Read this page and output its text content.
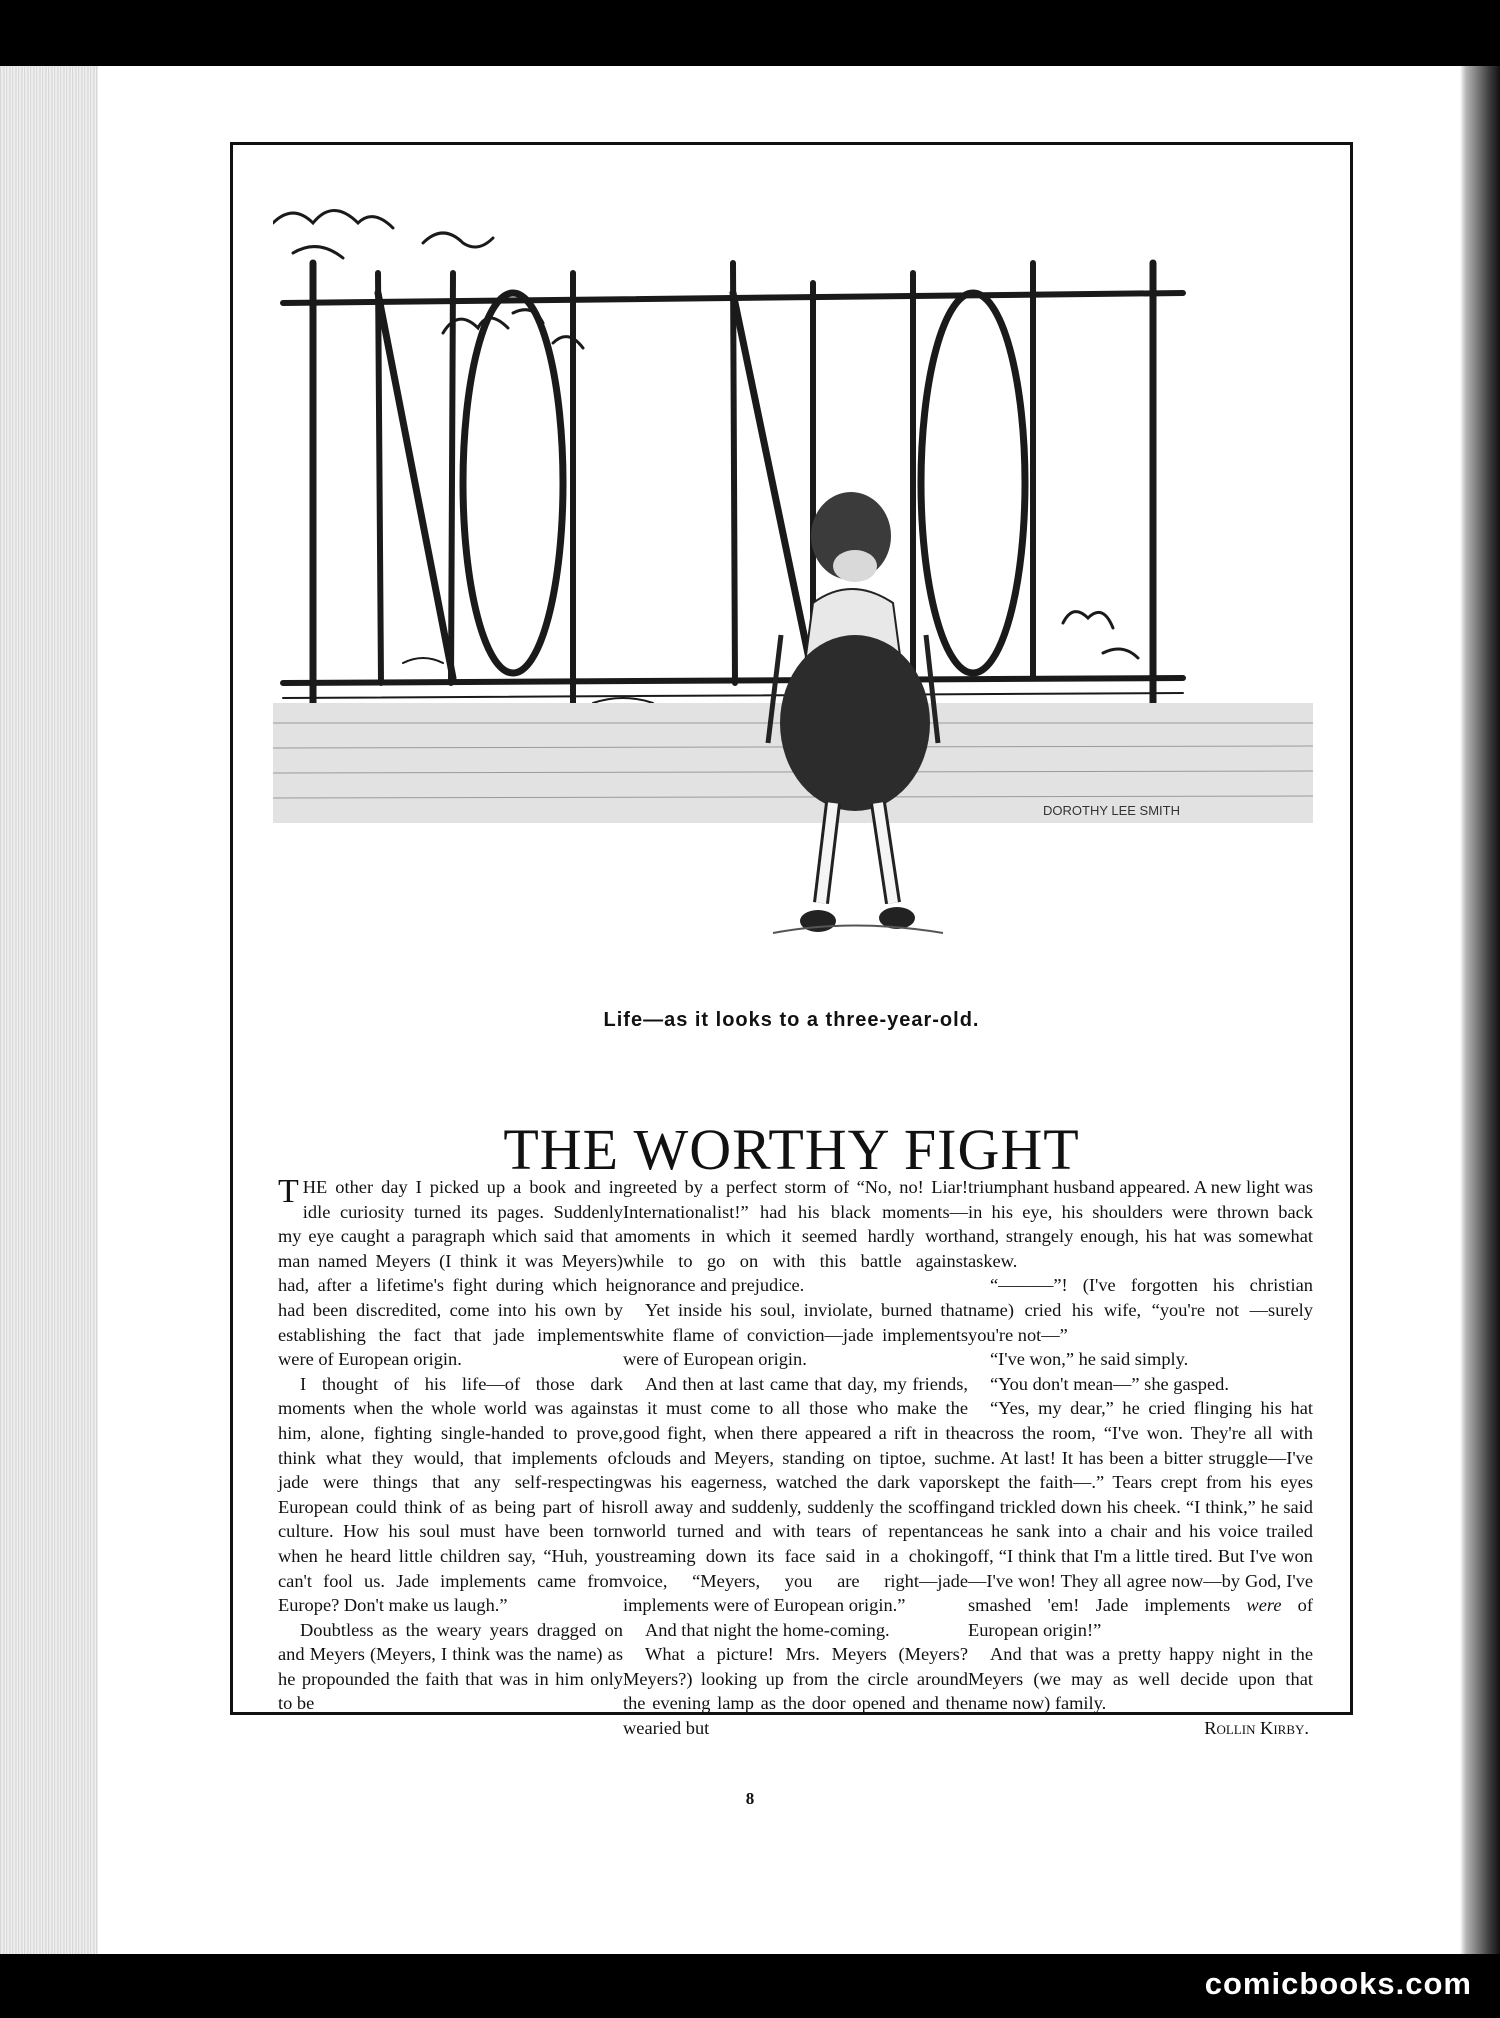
DOROTHY LEE SMITH
Life—as it looks to a three-year-old.
THE WORTHY FIGHT

THE other day I picked up a book and in idle curiosity turned its pages. Suddenly my eye caught a paragraph which said that a man named Meyers (I think it was Meyers) had, after a lifetime's fight during which he had been discredited, come into his own by establishing the fact that jade implements were of European origin.

I thought of his life—of those dark moments when the whole world was against him, alone, fighting single-handed to prove, think what they would, that implements of jade were things that any self-respecting European could think of as being part of his culture. How his soul must have been torn when he heard little children say, “Huh, you can't fool us. Jade implements came from Europe? Don't make us laugh.”

Doubtless as the weary years dragged on and Meyers (Meyers, I think was the name) as he propounded the faith that was in him only to be

greeted by a perfect storm of “No, no! Liar! Internationalist!” had his black moments—moments in which it seemed hardly worth while to go on with this battle against ignorance and prejudice.

Yet inside his soul, inviolate, burned that white flame of conviction—jade implements were of European origin.

And then at last came that day, my friends, as it must come to all those who make the good fight, when there appeared a rift in the clouds and Meyers, standing on tiptoe, such was his eagerness, watched the dark vapors roll away and suddenly, suddenly the scoffing world turned and with tears of repentance streaming down its face said in a choking voice, “Meyers, you are right—jade implements were of European origin.”

And that night the home-coming.

What a picture! Mrs. Meyers (Meyers? Meyers?) looking up from the circle around the evening lamp as the door opened and the wearied but

triumphant husband appeared. A new light was in his eye, his shoulders were thrown back and, strangely enough, his hat was somewhat askew.

“———”! (I've forgotten his christian name) cried his wife, “you're not —surely you're not—”

“I've won,” he said simply.

“You don't mean—” she gasped.

“Yes, my dear,” he cried flinging his hat across the room, “I've won. They're all with me. At last! It has been a bitter struggle—I've kept the faith—.” Tears crept from his eyes and trickled down his cheek. “I think,” he said as he sank into a chair and his voice trailed off, “I think that I'm a little tired. But I've won—I've won! They all agree now—by God, I've smashed 'em! Jade implements were of European origin!”

And that was a pretty happy night in the Meyers (we may as well decide upon that name now) family.

Rollin Kirby.

8
comicbooks.com
